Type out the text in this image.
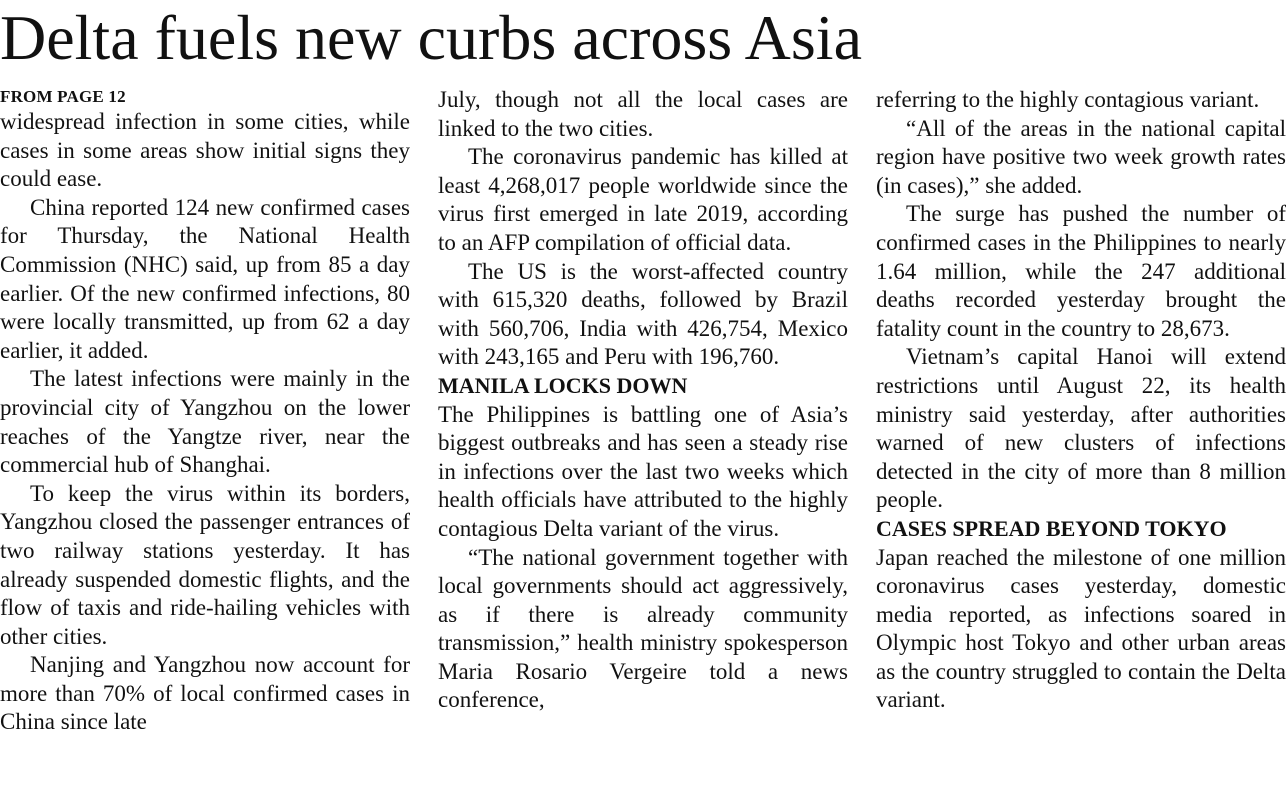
Delta fuels new curbs across Asia

FROM PAGE 12

widespread infection in some cities, while cases in some areas show initial signs they could ease.

China reported 124 new confirmed cases for Thursday, the National Health Commission (NHC) said, up from 85 a day earlier. Of the new confirmed infections, 80 were locally transmitted, up from 62 a day earlier, it added.

The latest infections were mainly in the provincial city of Yangzhou on the lower reaches of the Yangtze river, near the commercial hub of Shanghai.

To keep the virus within its borders, Yangzhou closed the passenger entrances of two railway stations yesterday. It has already suspended domestic flights, and the flow of taxis and ride-hailing vehicles with other cities.

Nanjing and Yangzhou now account for more than 70% of local confirmed cases in China since late

July, though not all the local cases are linked to the two cities.

The coronavirus pandemic has killed at least 4,268,017 people worldwide since the virus first emerged in late 2019, according to an AFP compilation of official data.

The US is the worst-affected country with 615,320 deaths, followed by Brazil with 560,706, India with 426,754, Mexico with 243,165 and Peru with 196,760.

MANILA LOCKS DOWN

The Philippines is battling one of Asia’s biggest outbreaks and has seen a steady rise in infections over the last two weeks which health officials have attributed to the highly contagious Delta variant of the virus.

“The national government together with local governments should act aggressively, as if there is already community transmission,” health ministry spokesperson Maria Rosario Vergeire told a news conference,

referring to the highly contagious variant.

“All of the areas in the national capital region have positive two week growth rates (in cases),” she added.

The surge has pushed the number of confirmed cases in the Philippines to nearly 1.64 million, while the 247 additional deaths recorded yesterday brought the fatality count in the country to 28,673.

Vietnam’s capital Hanoi will extend restrictions until August 22, its health ministry said yesterday, after authorities warned of new clusters of infections detected in the city of more than 8 million people.

CASES SPREAD BEYOND TOKYO

Japan reached the milestone of one million coronavirus cases yesterday, domestic media reported, as infections soared in Olympic host Tokyo and other urban areas as the country struggled to contain the Delta variant.
